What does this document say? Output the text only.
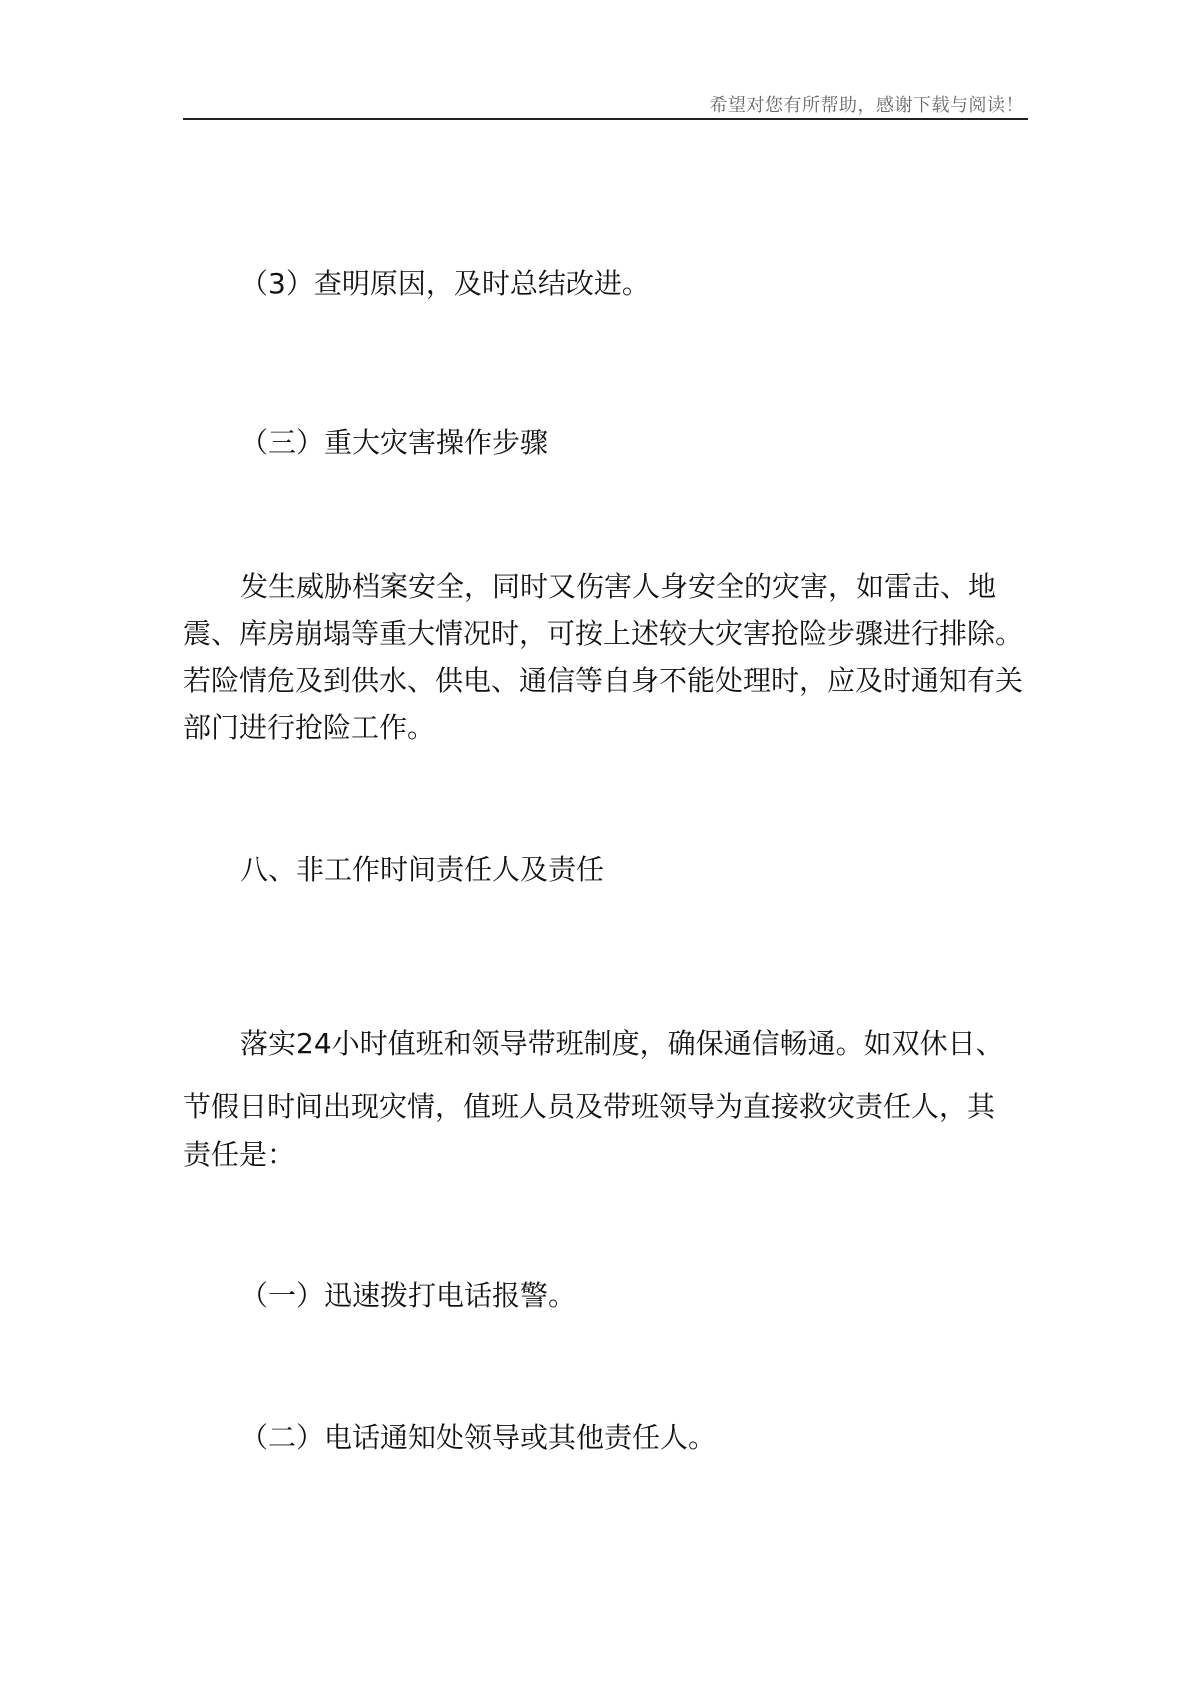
希望对您有所帮助，感谢下载与阅读！
（3）查明原因，及时总结改进。
（三）重大灾害操作步骤
发生威胁档案安全，同时又伤害人身安全的灾害，如雷击、地震、库房崩塌等重大情况时，可按上述较大灾害抢险步骤进行排除。若险情危及到供水、供电、通信等自身不能处理时，应及时通知有关部门进行抢险工作。
八、非工作时间责任人及责任
落实24小时值班和领导带班制度，确保通信畅通。如双休日、
节假日时间出现灾情，值班人员及带班领导为直接救灾责任人，其
责任是：
（一）迅速拨打电话报警。
（二）电话通知处领导或其他责任人。
